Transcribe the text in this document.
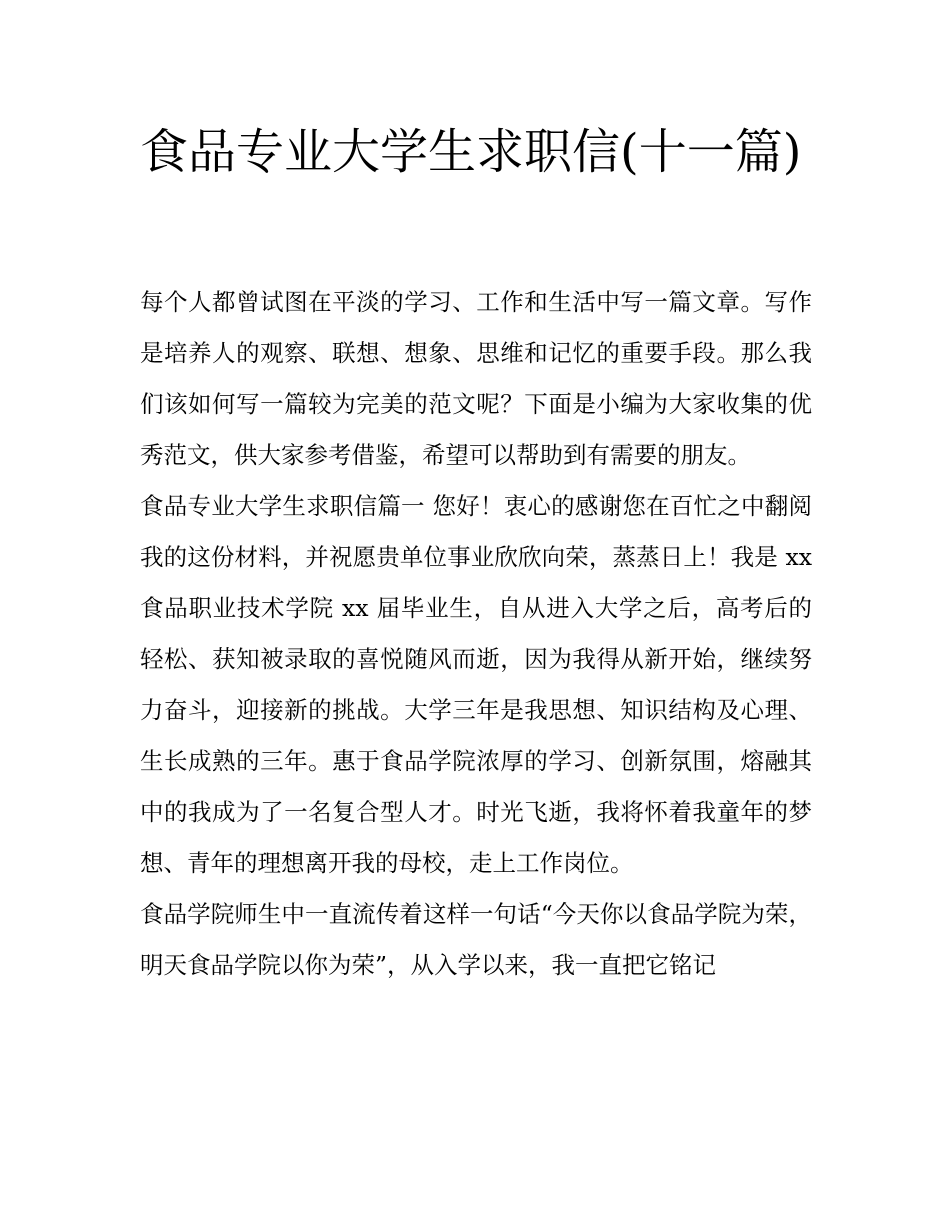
食品专业大学生求职信(十一篇)

每个人都曾试图在平淡的学习、工作和生活中写一篇文章。写作是培养人的观察、联想、想象、思维和记忆的重要手段。那么我们该如何写一篇较为完美的范文呢？下面是小编为大家收集的优秀范文，供大家参考借鉴，希望可以帮助到有需要的朋友。

食品专业大学生求职信篇一 您好！衷心的感谢您在百忙之中翻阅我的这份材料，并祝愿贵单位事业欣欣向荣，蒸蒸日上！我是 xx 食品职业技术学院 xx 届毕业生，自从进入大学之后，高考后的轻松、获知被录取的喜悦随风而逝，因为我得从新开始，继续努力奋斗，迎接新的挑战。大学三年是我思想、知识结构及心理、生长成熟的三年。惠于食品学院浓厚的学习、创新氛围，熔融其中的我成为了一名复合型人才。时光飞逝，我将怀着我童年的梦想、青年的理想离开我的母校，走上工作岗位。

食品学院师生中一直流传着这样一句话“今天你以食品学院为荣，明天食品学院以你为荣”，从入学以来，我一直把它铭记
